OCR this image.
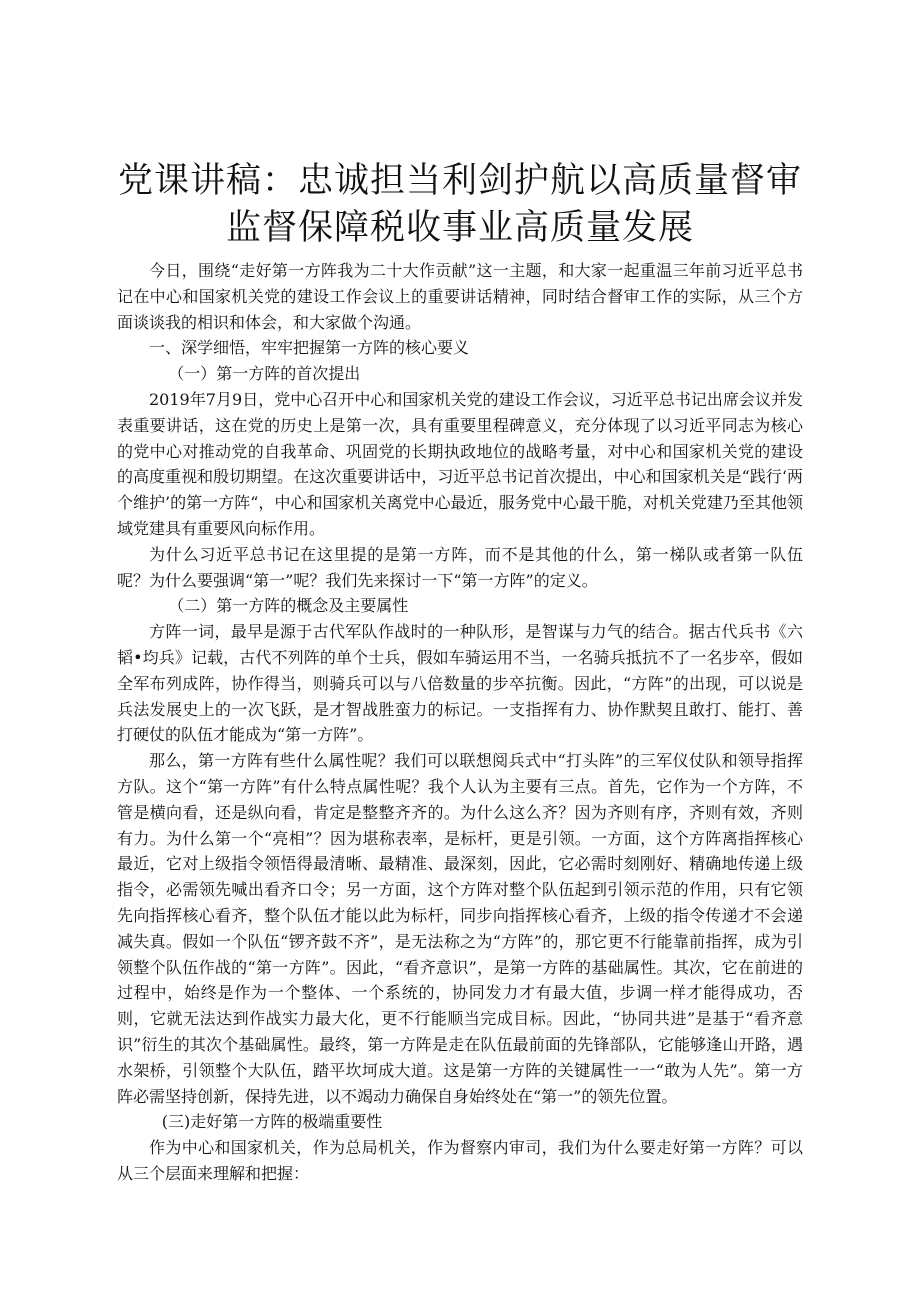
党课讲稿：忠诚担当利剑护航以高质量督审监督保障税收事业高质量发展

今日，围绕“走好第一方阵我为二十大作贡献”这一主题，和大家一起重温三年前习近平总书记在中心和国家机关党的建设工作会议上的重要讲话精神，同时结合督审工作的实际，从三个方面谈谈我的相识和体会，和大家做个沟通。

一、深学细悟，牢牢把握第一方阵的核心要义

（一）第一方阵的首次提出

2019年7月9日，党中心召开中心和国家机关党的建设工作会议，习近平总书记出席会议并发表重要讲话，这在党的历史上是第一次，具有重要里程碑意义，充分体现了以习近平同志为核心的党中心对推动党的自我革命、巩固党的长期执政地位的战略考量，对中心和国家机关党的建设的高度重视和殷切期望。在这次重要讲话中，习近平总书记首次提出，中心和国家机关是“践行‘两个维护’的第一方阵“，中心和国家机关离党中心最近，服务党中心最干脆，对机关党建乃至其他领域党建具有重要风向标作用。

为什么习近平总书记在这里提的是第一方阵，而不是其他的什么，第一梯队或者第一队伍呢？为什么要强调“第一”呢？我们先来探讨一下“第一方阵”的定义。

（二）第一方阵的概念及主要属性

方阵一词，最早是源于古代军队作战时的一种队形，是智谋与力气的结合。据古代兵书《六韬•均兵》记载，古代不列阵的单个士兵，假如车骑运用不当，一名骑兵抵抗不了一名步卒，假如全军布列成阵，协作得当，则骑兵可以与八倍数量的步卒抗衡。因此，“方阵”的出现，可以说是兵法发展史上的一次飞跃，是才智战胜蛮力的标记。一支指挥有力、协作默契且敢打、能打、善打硬仗的队伍才能成为“第一方阵”。

那么，第一方阵有些什么属性呢？我们可以联想阅兵式中“打头阵”的三军仪仗队和领导指挥方队。这个“第一方阵”有什么特点属性呢？我个人认为主要有三点。首先，它作为一个方阵，不管是横向看，还是纵向看，肯定是整整齐齐的。为什么这么齐？因为齐则有序，齐则有效，齐则有力。为什么第一个“亮相”？因为堪称表率，是标杆，更是引领。一方面，这个方阵离指挥核心最近，它对上级指令领悟得最清晰、最精准、最深刻，因此，它必需时刻刚好、精确地传递上级指令，必需领先喊出看齐口令；另一方面，这个方阵对整个队伍起到引领示范的作用，只有它领先向指挥核心看齐，整个队伍才能以此为标杆，同步向指挥核心看齐，上级的指令传递才不会递减失真。假如一个队伍“锣齐鼓不齐”，是无法称之为“方阵”的，那它更不行能靠前指挥，成为引领整个队伍作战的“第一方阵”。因此，“看齐意识”，是第一方阵的基础属性。其次，它在前进的过程中，始终是作为一个整体、一个系统的，协同发力才有最大值，步调一样才能得成功，否则，它就无法达到作战实力最大化，更不行能顺当完成目标。因此，“协同共进”是基于“看齐意识”衍生的其次个基础属性。最终，第一方阵是走在队伍最前面的先锋部队，它能够逢山开路，遇水架桥，引领整个大队伍，踏平坎坷成大道。这是第一方阵的关键属性一一“敢为人先”。第一方阵必需坚持创新，保持先进，以不竭动力确保自身始终处在“第一”的领先位置。

(三)走好第一方阵的极端重要性

作为中心和国家机关，作为总局机关，作为督察内审司，我们为什么要走好第一方阵？可以从三个层面来理解和把握：
